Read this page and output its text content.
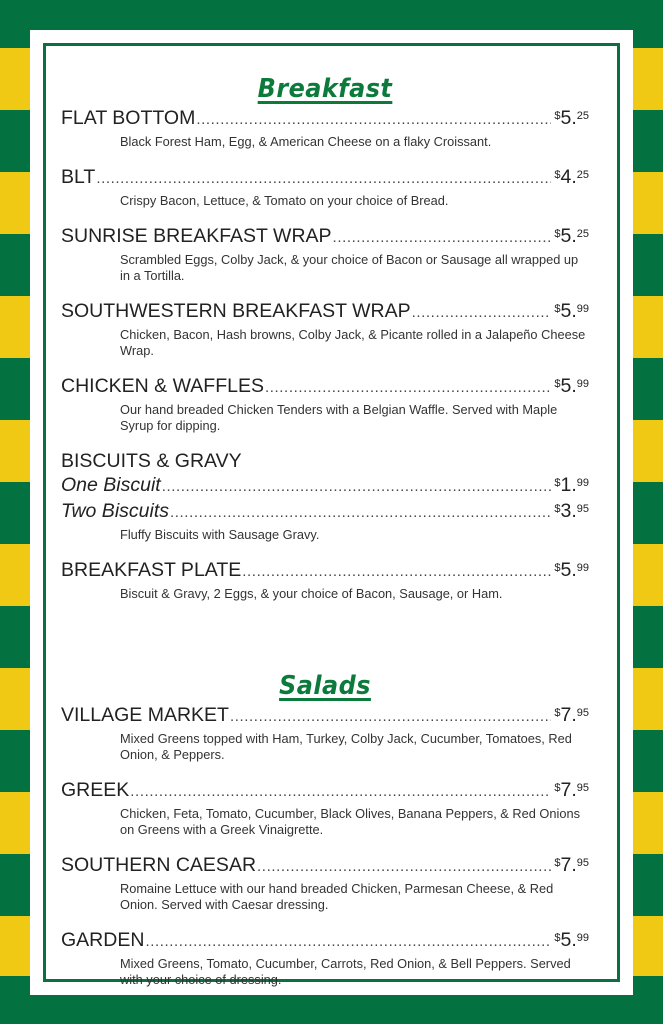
Breakfast
FLAT BOTTOM .....	$5.25
Black Forest Ham, Egg, & American Cheese on a flaky Croissant.
BLT .....	$4.25
Crispy Bacon, Lettuce, & Tomato on your choice of Bread.
SUNRISE BREAKFAST WRAP .....	$5.25
Scrambled Eggs, Colby Jack, & your choice of Bacon or Sausage all wrapped up in a Tortilla.
SOUTHWESTERN BREAKFAST WRAP .....	$5.99
Chicken, Bacon, Hash browns, Colby Jack, & Picante rolled in a Jalapeño Cheese Wrap.
CHICKEN & WAFFLES .....	$5.99
Our hand breaded Chicken Tenders with a Belgian Waffle. Served with Maple Syrup for dipping.
BISCUITS & GRAVY
One Biscuit .....	$1.99
Two Biscuits .....	$3.95
Fluffy Biscuits with Sausage Gravy.
BREAKFAST PLATE .....	$5.99
Biscuit & Gravy, 2 Eggs, & your choice of Bacon, Sausage, or Ham.
Salads
VILLAGE MARKET .....	$7.95
Mixed Greens topped with Ham, Turkey, Colby Jack, Cucumber, Tomatoes, Red Onion, & Peppers.
GREEK .....	$7.95
Chicken, Feta, Tomato, Cucumber, Black Olives, Banana Peppers, & Red Onions on Greens with a Greek Vinaigrette.
SOUTHERN CAESAR .....	$7.95
Romaine Lettuce with our hand breaded Chicken, Parmesan Cheese, & Red Onion. Served with Caesar dressing.
GARDEN .....	$5.99
Mixed Greens, Tomato, Cucumber, Carrots, Red Onion, & Bell Peppers. Served with your choice of dressing.
